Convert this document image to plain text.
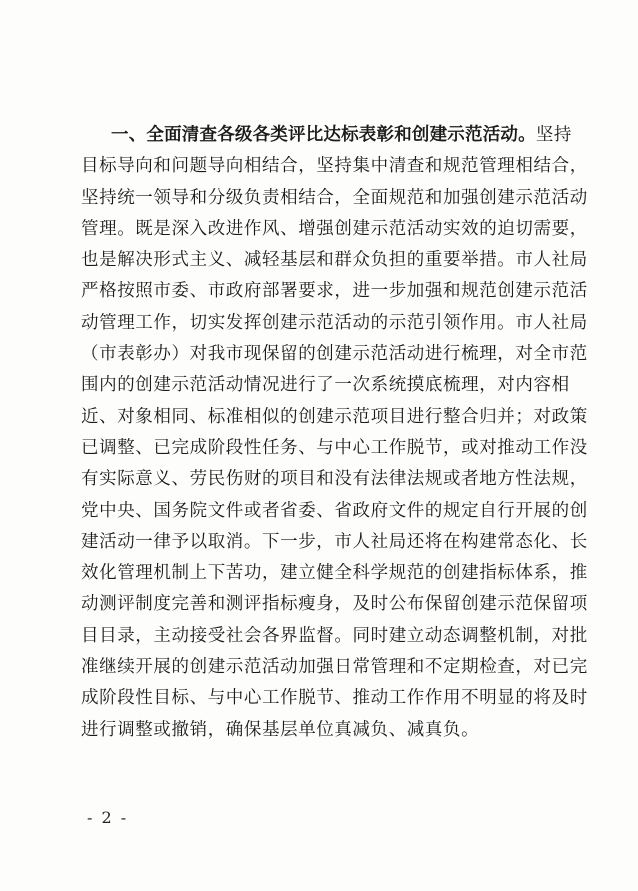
一、全面清查各级各类评比达标表彰和创建示范活动。坚持
目标导向和问题导向相结合，坚持集中清查和规范管理相结合，
坚持统一领导和分级负责相结合，全面规范和加强创建示范活动
管理。既是深入改进作风、增强创建示范活动实效的迫切需要，
也是解决形式主义、减轻基层和群众负担的重要举措。市人社局
严格按照市委、市政府部署要求，进一步加强和规范创建示范活
动管理工作，切实发挥创建示范活动的示范引领作用。市人社局
（市表彰办）对我市现保留的创建示范活动进行梳理，对全市范
围内的创建示范活动情况进行了一次系统摸底梳理，对内容相
近、对象相同、标准相似的创建示范项目进行整合归并；对政策
已调整、已完成阶段性任务、与中心工作脱节，或对推动工作没
有实际意义、劳民伤财的项目和没有法律法规或者地方性法规，
党中央、国务院文件或者省委、省政府文件的规定自行开展的创
建活动一律予以取消。下一步，市人社局还将在构建常态化、长
效化管理机制上下苦功，建立健全科学规范的创建指标体系，推
动测评制度完善和测评指标瘦身，及时公布保留创建示范保留项
目目录，主动接受社会各界监督。同时建立动态调整机制，对批
准继续开展的创建示范活动加强日常管理和不定期检查，对已完
成阶段性目标、与中心工作脱节、推动工作作用不明显的将及时
进行调整或撤销，确保基层单位真减负、减真负。
- 2 -
